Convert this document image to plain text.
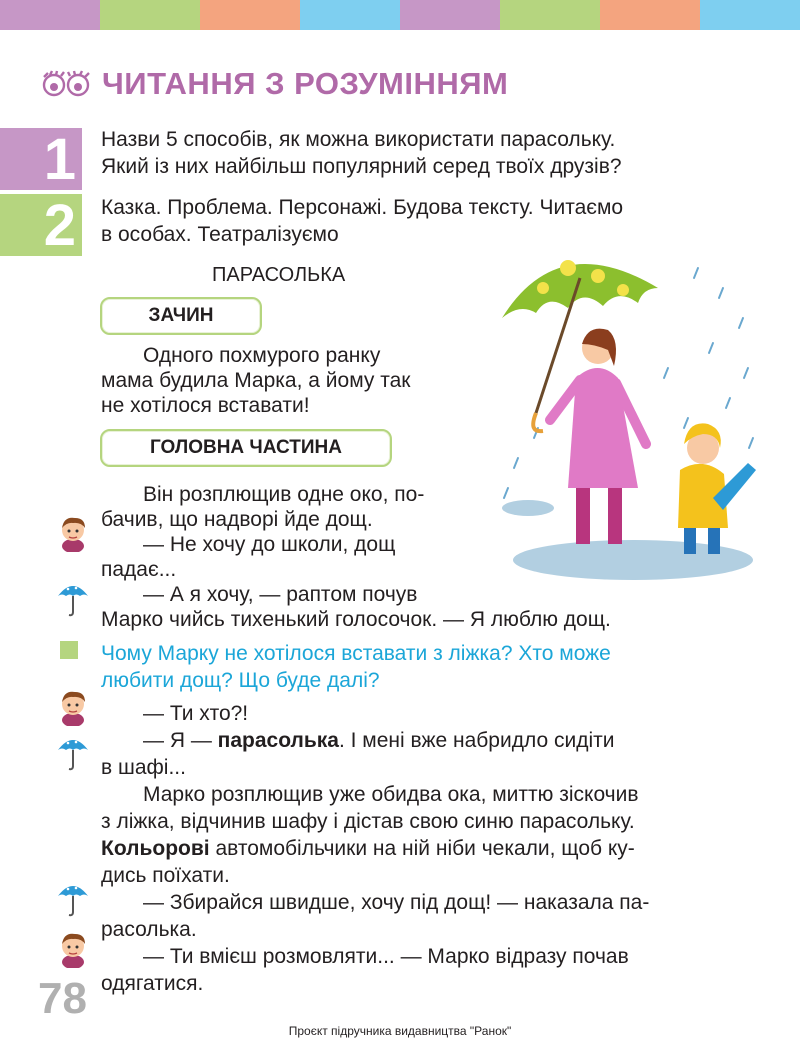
ЧИТАННЯ З РОЗУМІННЯМ
1 Назви 5 способів, як можна використати парасольку.
Який із них найбільш популярний серед твоїх друзів?
2 Казка. Проблема. Персонажі. Будова тексту. Читаємо
в особах. Театралізуємо
ПАРАСОЛЬКА
ЗАЧИН
Одного похмурого ранку
мама будила Марка, а йому так
не хотілося вставати!
ГОЛОВНА ЧАСТИНА
Він розплющив одне око, по-
бачив, що надворі йде дощ.
— Не хочу до школи, дощ
падає...
— А я хочу, — раптом почув
Марко чийсь тихенький голосочок. — Я люблю дощ.
Чому Марку не хотілося вставати з ліжка? Хто може
любити дощ? Що буде далі?
— Ти хто?!
— Я — парасолька. І мені вже набридло сидіти
в шафі...
Марко розплющив уже обидва ока, миттю зіскочив
з ліжка, відчинив шафу і дістав свою синю парасольку.
Кольорові автомобільчики на ній ніби чекали, щоб ку-
дись поїхати.
— Збирайся швидше, хочу під дощ! — наказала па-
расолька.
— Ти вмієш розмовляти... — Марко відразу почав
одягатися.
78
Проєкт підручника видавництва "Ранок"
